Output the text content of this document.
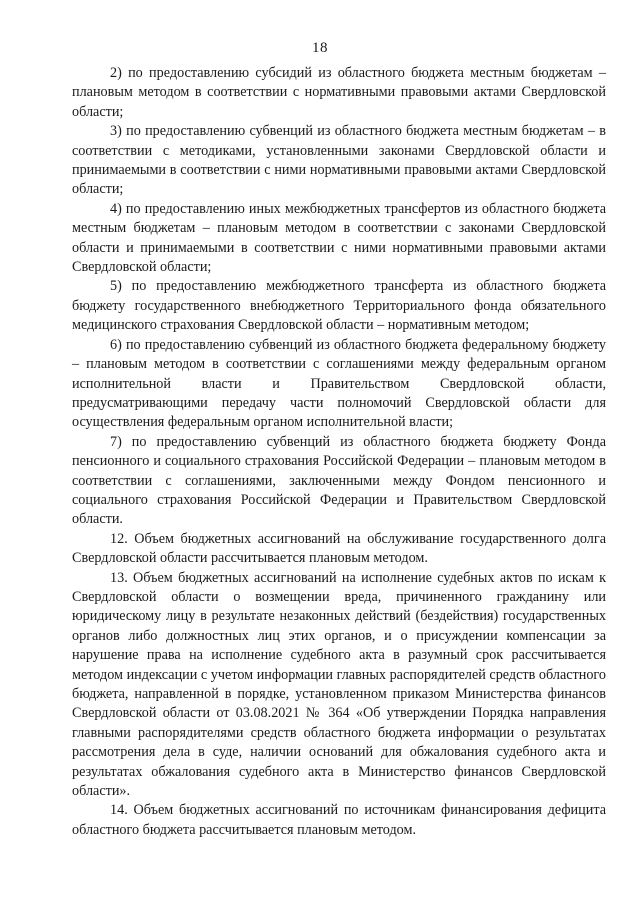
18

2) по предоставлению субсидий из областного бюджета местным бюджетам – плановым методом в соответствии с нормативными правовыми актами Свердловской области;

3) по предоставлению субвенций из областного бюджета местным бюджетам – в соответствии с методиками, установленными законами Свердловской области и принимаемыми в соответствии с ними нормативными правовыми актами Свердловской области;

4) по предоставлению иных межбюджетных трансфертов из областного бюджета местным бюджетам – плановым методом в соответствии с законами Свердловской области и принимаемыми в соответствии с ними нормативными правовыми актами Свердловской области;

5) по предоставлению межбюджетного трансферта из областного бюджета бюджету государственного внебюджетного Территориального фонда обязательного медицинского страхования Свердловской области – нормативным методом;

6) по предоставлению субвенций из областного бюджета федеральному бюджету – плановым методом в соответствии с соглашениями между федеральным органом исполнительной власти и Правительством Свердловской области, предусматривающими передачу части полномочий Свердловской области для осуществления федеральным органом исполнительной власти;

7) по предоставлению субвенций из областного бюджета бюджету Фонда пенсионного и социального страхования Российской Федерации – плановым методом в соответствии с соглашениями, заключенными между Фондом пенсионного и социального страхования Российской Федерации и Правительством Свердловской области.

12. Объем бюджетных ассигнований на обслуживание государственного долга Свердловской области рассчитывается плановым методом.

13. Объем бюджетных ассигнований на исполнение судебных актов по искам к Свердловской области о возмещении вреда, причиненного гражданину или юридическому лицу в результате незаконных действий (бездействия) государственных органов либо должностных лиц этих органов, и о присуждении компенсации за нарушение права на исполнение судебного акта в разумный срок рассчитывается методом индексации с учетом информации главных распорядителей средств областного бюджета, направленной в порядке, установленном приказом Министерства финансов Свердловской области от 03.08.2021 № 364 «Об утверждении Порядка направления главными распорядителями средств областного бюджета информации о результатах рассмотрения дела в суде, наличии оснований для обжалования судебного акта и результатах обжалования судебного акта в Министерство финансов Свердловской области».

14. Объем бюджетных ассигнований по источникам финансирования дефицита областного бюджета рассчитывается плановым методом.
